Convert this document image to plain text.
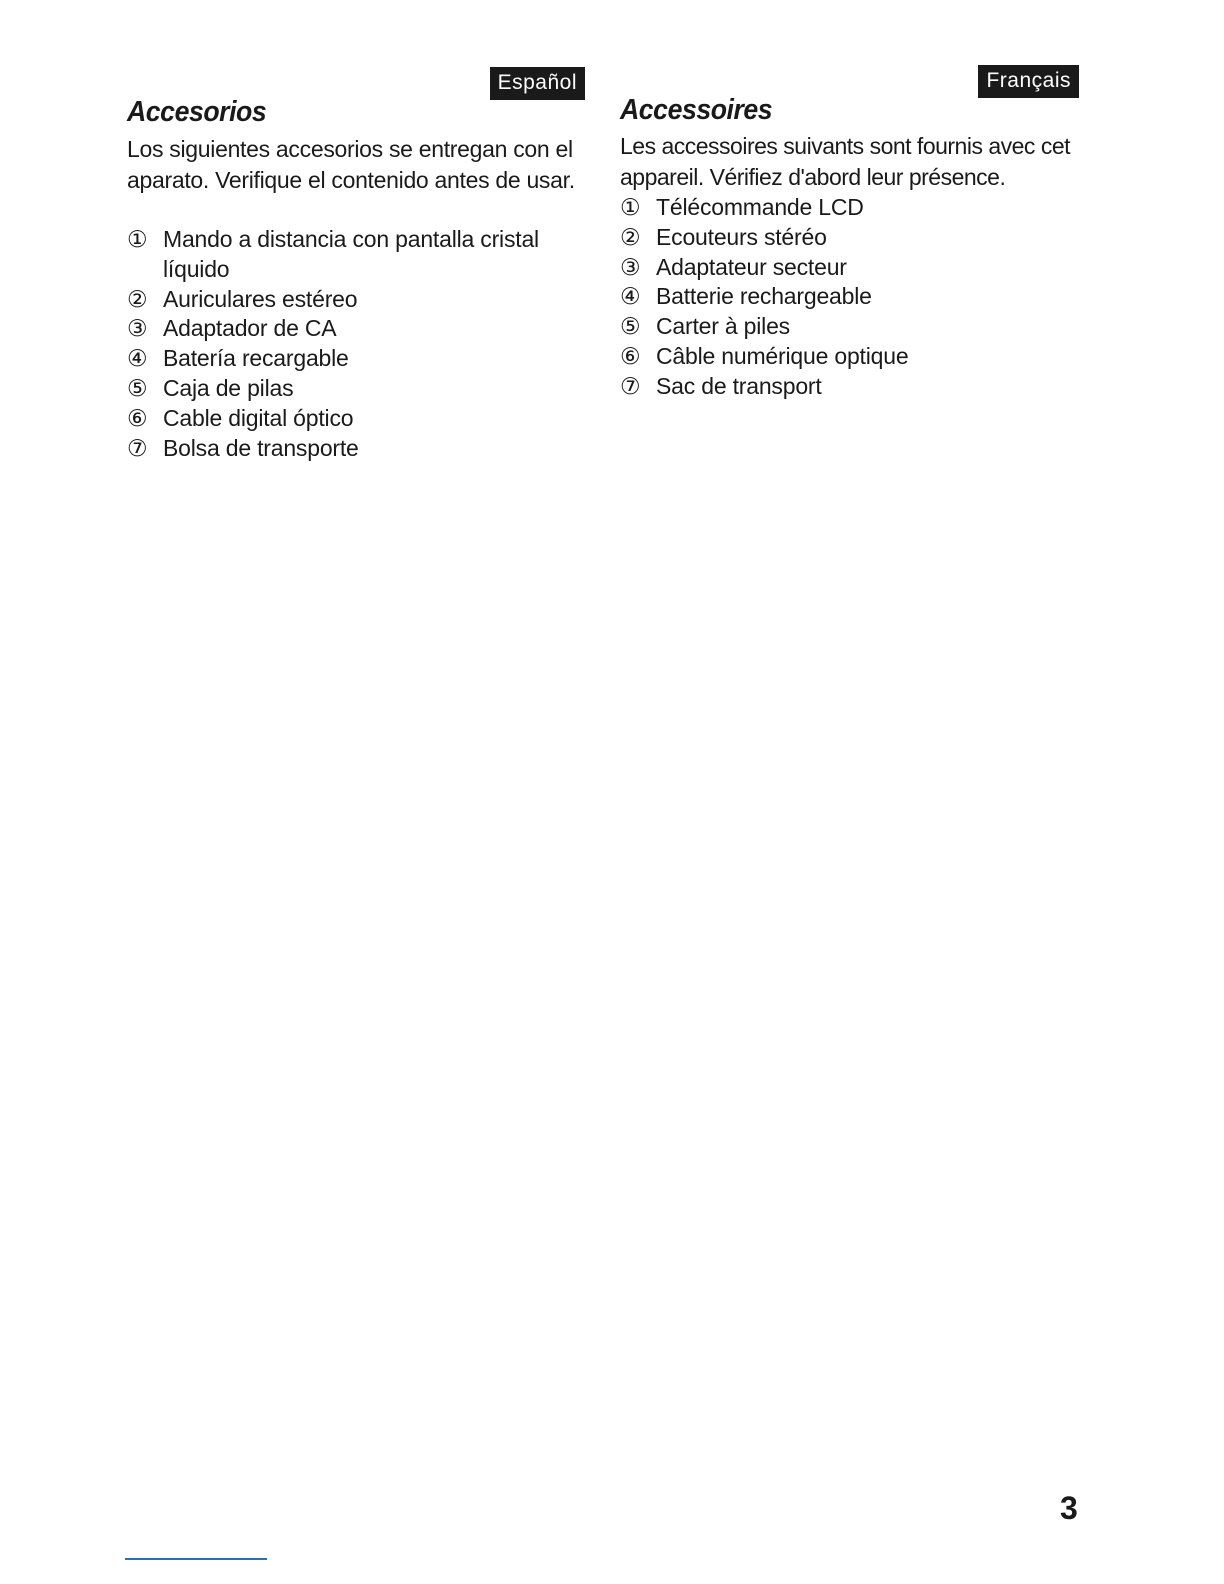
Español
Accesorios

Los siguientes accesorios se entregan con el aparato. Verifique el contenido antes de usar.

① Mando a distancia con pantalla cristal líquido
② Auriculares estéreo
③ Adaptador de CA
④ Batería recargable
⑤ Caja de pilas
⑥ Cable digital óptico
⑦ Bolsa de transporte
Français
Accessoires

Les accessoires suivants sont fournis avec cet appareil. Vérifiez d'abord leur présence.

① Télécommande LCD
② Ecouteurs stéréo
③ Adaptateur secteur
④ Batterie rechargeable
⑤ Carter à piles
⑥ Câble numérique optique
⑦ Sac de transport

3
